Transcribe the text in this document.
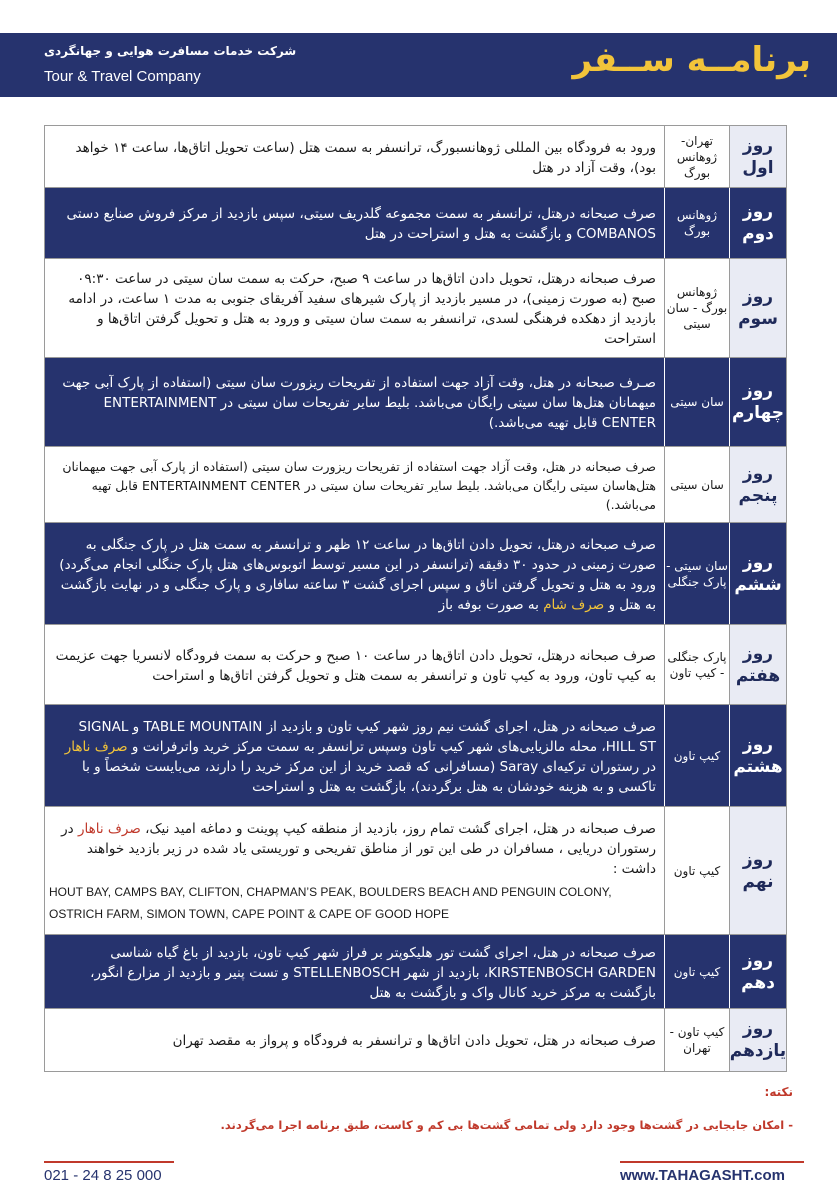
شرکت خدمات مسافرت هوایی و جهانگردی
Tour & Travel Company	برنامــه ســفر
روز اول
تهران- ژوهانس بورگ
ورود به فرودگاه بین المللی ژوهانسبورگ، ترانسفر به سمت هتل (ساعت تحویل اتاق‌ها، ساعت ۱۴ خواهد بود)، وقت آزاد در هتل
روز دوم
ژوهانس بورگ
صرف صبحانه درهتل، ترانسفر به سمت مجموعه گلدریف سیتی، سپس بازدید از مرکز فروش صنایع دستی COMBANOS و بازگشت به هتل و استراحت در هتل
روز سوم
ژوهانس بورگ - سان سیتی
صرف صبحانه درهتل، تحویل دادن اتاق‌ها در ساعت ۹ صبح، حرکت به سمت سان سیتی در ساعت ۰۹:۳۰ صبح (به صورت زمینی)، در مسیر بازدید از پارک شیرهای سفید آفریقای جنوبی به مدت ۱ ساعت، در ادامه بازدید از دهکده فرهنگی لسدی، ترانسفر به سمت سان سیتی و ورود به هتل و تحویل گرفتن اتاق‌ها و استراحت
روز چهارم
سان سیتی
صـرف صبحانه در هتل، وقت آزاد جهت استفاده از تفریحات ریزورت سان سیتی (استفاده از پارک آبی جهت میهمانان هتل‌ها سان سیتی رایگان می‌باشد. بلیط سایر تفریحات سان سیتی در ENTERTAINMENT CENTER قابل تهیه می‌باشد.)
روز پنجم
سان سیتی
صرف صبحانه در هتل، وقت آزاد جهت استفاده از تفریحات ریزورت سان سیتی (استفاده از پارک آبی جهت میهمانان هتل‌هاسان سیتی رایگان می‌باشد. بلیط سایر تفریحات سان سیتی در ENTERTAINMENT CENTER قابل تهیه می‌باشد.)
روز ششم
سان سیتی - پارک جنگلی
صرف صبحانه درهتل، تحویل دادن اتاق‌ها در ساعت ۱۲ ظهر و ترانسفر به سمت هتل در پارک جنگلی به صورت زمینی در حدود ۳۰ دقیقه (ترانسفر در این مسیر توسط اتوبوس‌های هتل پارک جنگلی انجام می‌گردد) ورود به هتل و تحویل گرفتن اتاق و سپس اجرای گشت ۳ ساعته سافاری و پارک جنگلی و در نهایت بازگشت به هتل و صرف شام به صورت بوفه باز
روز هفتم
پارک جنگلی - کیپ تاون
صرف صبحانه درهتل، تحویل دادن اتاق‌ها در ساعت ۱۰ صبح و حرکت به سمت فرودگاه لانسریا جهت عزیمت به کیپ تاون، ورود به کیپ تاون و ترانسفر به سمت هتل و تحویل گرفتن اتاق‌ها و استراحت
روز هشتم
کیپ تاون
صرف صبحانه در هتل، اجرای گشت نیم روز شهر کیپ تاون و بازدید از TABLE MOUNTAIN و SIGNAL HILL ST، محله مالزیایی‌های شهر کیپ تاون وسپس ترانسفر به سمت مرکز خرید واترفرانت و صرف ناهار در رستوران ترکیه‌ای Saray (مسافرانی که قصد خرید از این مرکز خرید را دارند، می‌بایست شخصاً و با تاکسی و به هزینه خودشان به هتل برگردند)، بازگشت به هتل و استراحت
روز نهم
کیپ تاون
صرف صبحانه در هتل، اجرای گشت تمام روز، بازدید از منطقه کیپ پوینت و دماغه امید نیک، صرف ناهار در رستوران دریایی ، مسافران در طی این تور از مناطق تفریحی و توریستی یاد شده در زیر بازدید خواهند داشت :
HOUT BAY, CAMPS BAY, CLIFTON, CHAPMAN’S PEAK, BOULDERS BEACH AND PENGUIN COLONY, OSTRICH FARM, SIMON TOWN, CAPE POINT & CAPE OF GOOD HOPE
روز دهم
کیپ تاون
صرف صبحانه در هتل، اجرای گشت تور هلیکوپتر بر فراز شهر کیپ تاون، بازدید از باغ گیاه شناسی KIRSTENBOSCH GARDEN، بازدید از شهر STELLENBOSCH و تست پنیر و بازدید از مزارع انگور، بازگشت به مرکز خرید کانال واک و بازگشت به هتل
روز یازدهم
کیپ تاون - تهران
صرف صبحانه در هتل، تحویل دادن اتاق‌ها و ترانسفر به فرودگاه و پرواز به مقصد تهران
نکته:
- امکان جابجایی در گشت‌ها وجود دارد ولی تمامی گشت‌ها بی کم و کاست، طبق برنامه اجرا می‌گردند.
021 - 24 8 25 000	www.TAHAGASHT.com
